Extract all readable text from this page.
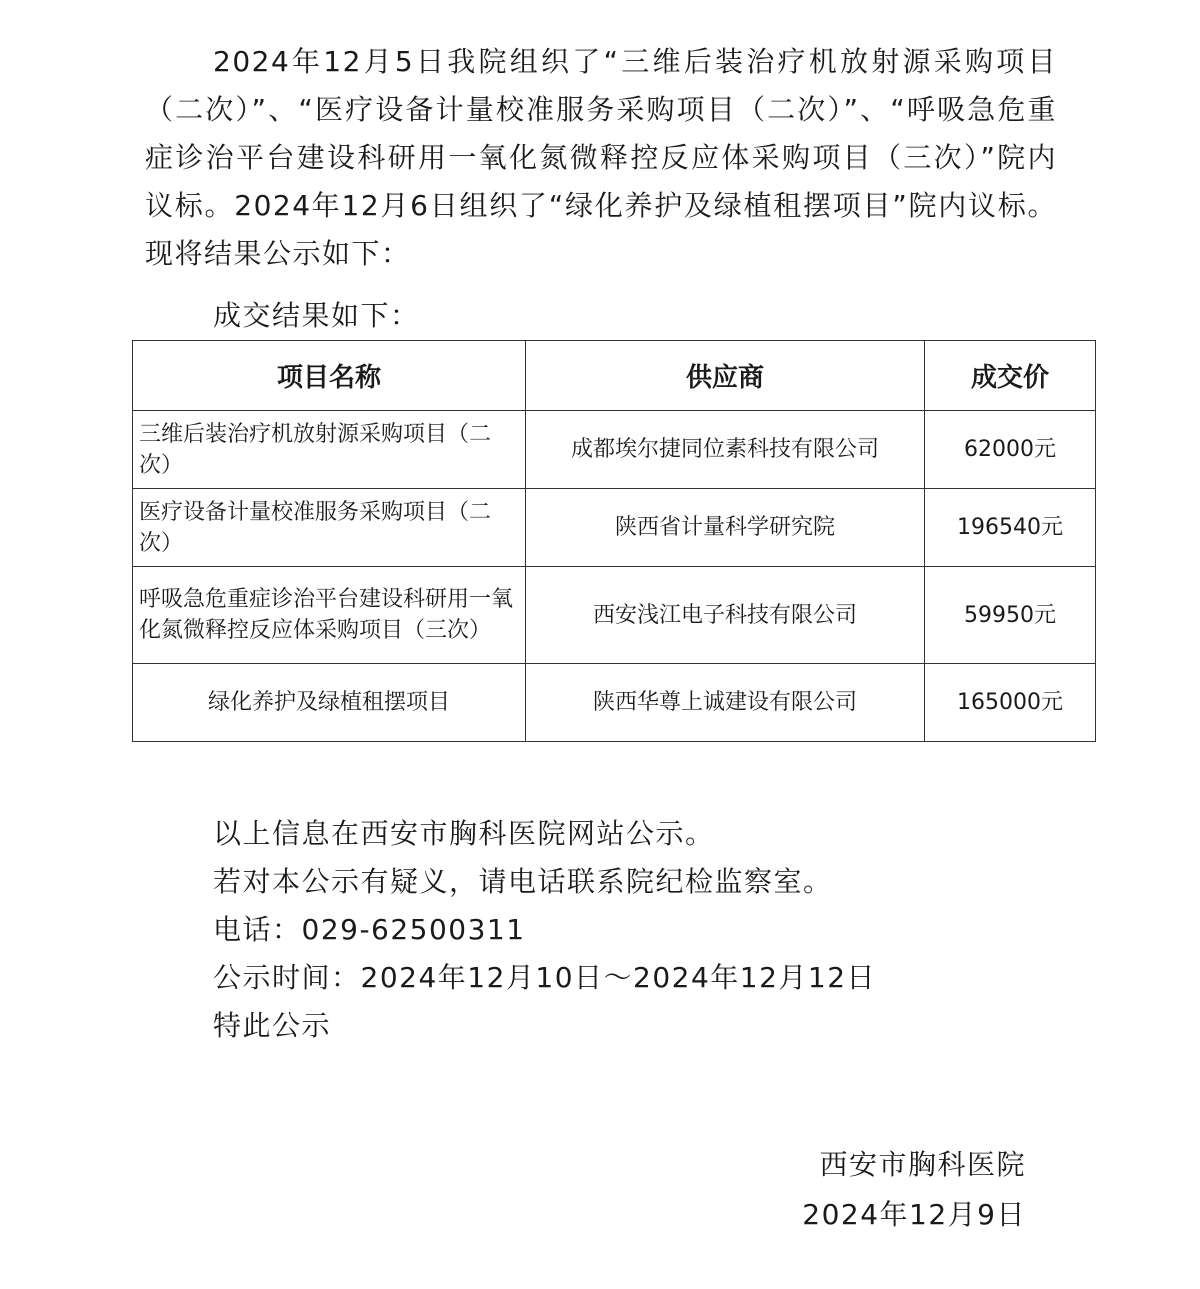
2024年12月5日我院组织了“三维后装治疗机放射源采购项目（二次）”、“医疗设备计量校准服务采购项目（二次）”、“呼吸急危重症诊治平台建设科研用一氧化氮微释控反应体采购项目（三次）”院内议标。2024年12月6日组织了“绿化养护及绿植租摆项目”院内议标。现将结果公示如下：

成交结果如下：

项目名称	供应商	成交价
三维后装治疗机放射源采购项目（二次）	成都埃尔捷同位素科技有限公司	62000元
医疗设备计量校准服务采购项目（二次）	陕西省计量科学研究院	196540元
呼吸急危重症诊治平台建设科研用一氧化氮微释控反应体采购项目（三次）	西安浅江电子科技有限公司	59950元
绿化养护及绿植租摆项目	陕西华尊上诚建设有限公司	165000元
以上信息在西安市胸科医院网站公示。
若对本公示有疑义，请电话联系院纪检监察室。
电话：029-62500311
公示时间：2024年12月10日～2024年12月12日
特此公示
西安市胸科医院
2024年12月9日
